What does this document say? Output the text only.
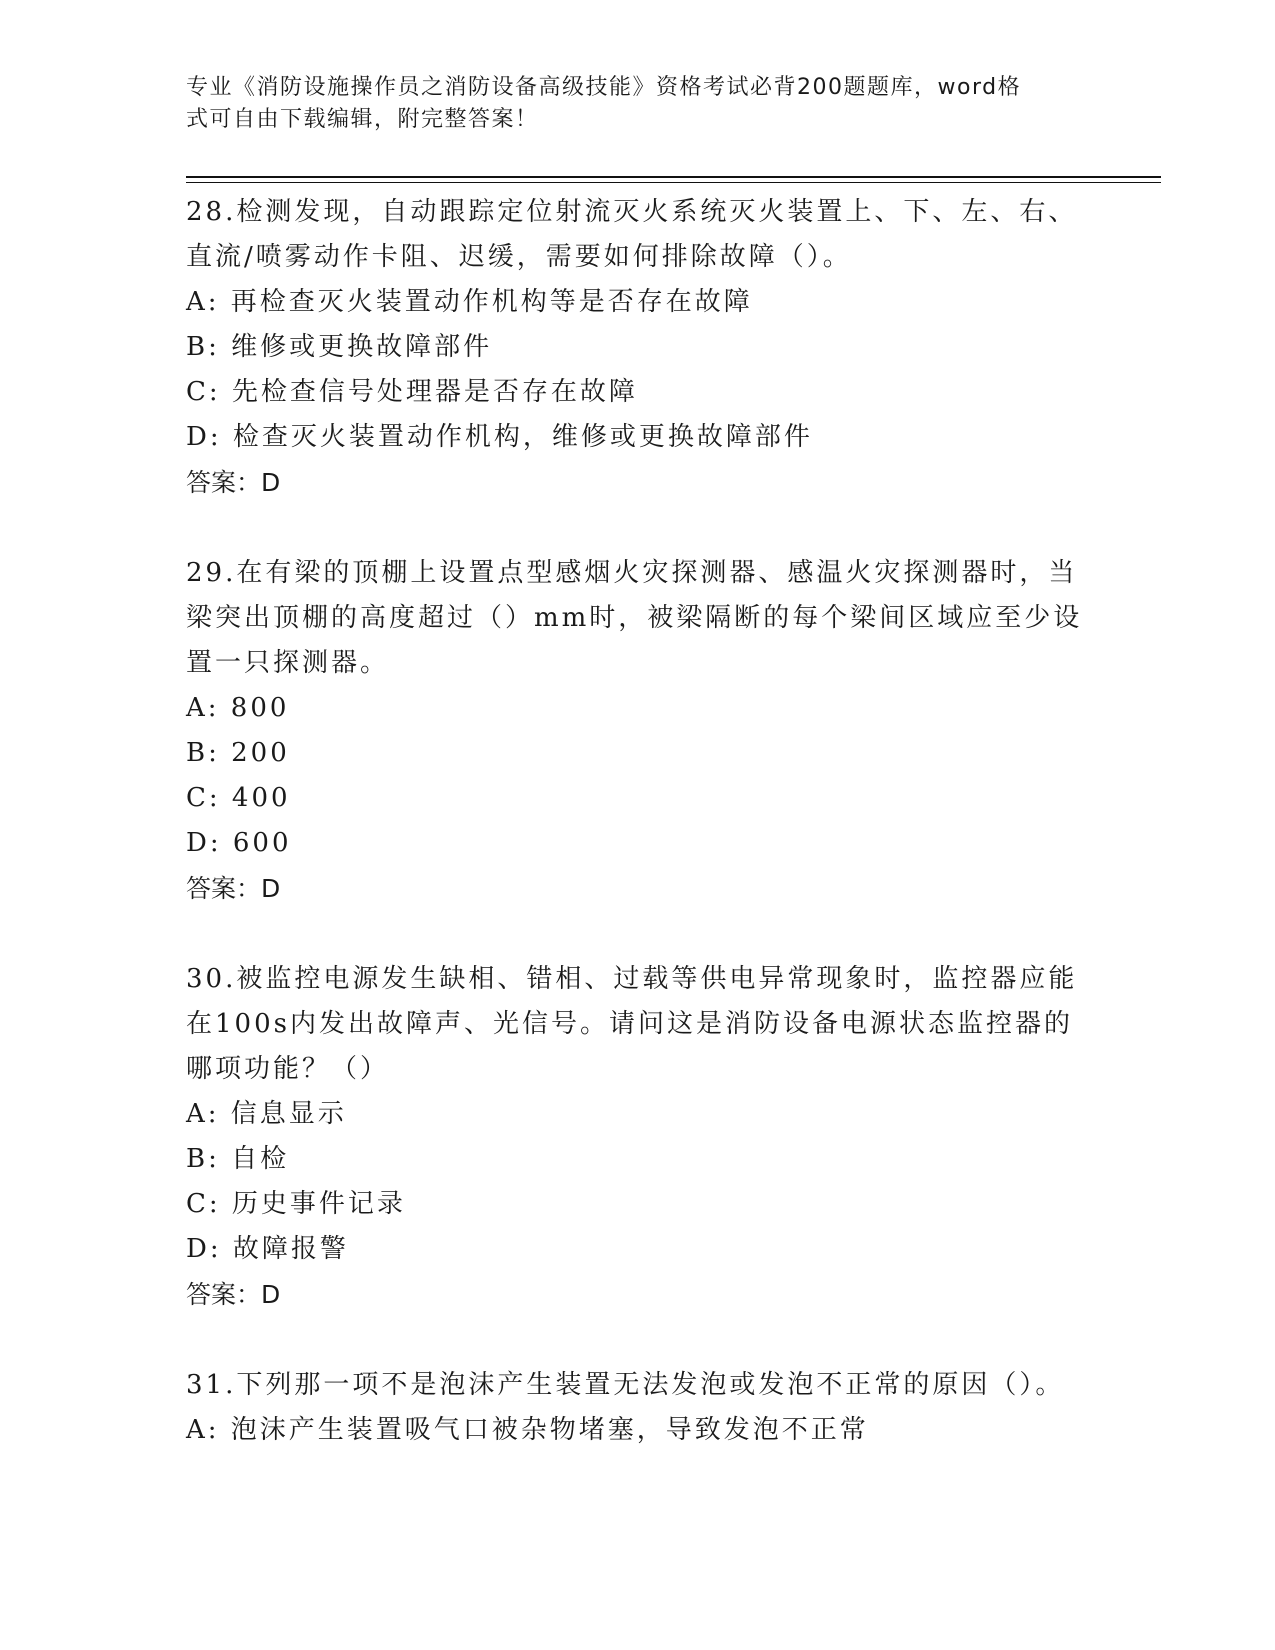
专业《消防设施操作员之消防设备高级技能》资格考试必背200题题库，word格
式可自由下载编辑，附完整答案！
28.检测发现，自动跟踪定位射流灭火系统灭火装置上、下、左、右、
直流/喷雾动作卡阻、迟缓，需要如何排除故障（）。
A: 再检查灭火装置动作机构等是否存在故障
B: 维修或更换故障部件
C: 先检查信号处理器是否存在故障
D: 检查灭火装置动作机构，维修或更换故障部件
答案：D
29.在有梁的顶棚上设置点型感烟火灾探测器、感温火灾探测器时，当
梁突出顶棚的高度超过（）mm时，被梁隔断的每个梁间区域应至少设
置一只探测器。
A: 800
B: 200
C: 400
D: 600
答案：D
30.被监控电源发生缺相、错相、过载等供电异常现象时，监控器应能
在100s内发出故障声、光信号。请问这是消防设备电源状态监控器的
哪项功能？（）
A: 信息显示
B: 自检
C: 历史事件记录
D: 故障报警
答案：D
31.下列那一项不是泡沫产生装置无法发泡或发泡不正常的原因（）。
A: 泡沫产生装置吸气口被杂物堵塞，导致发泡不正常
